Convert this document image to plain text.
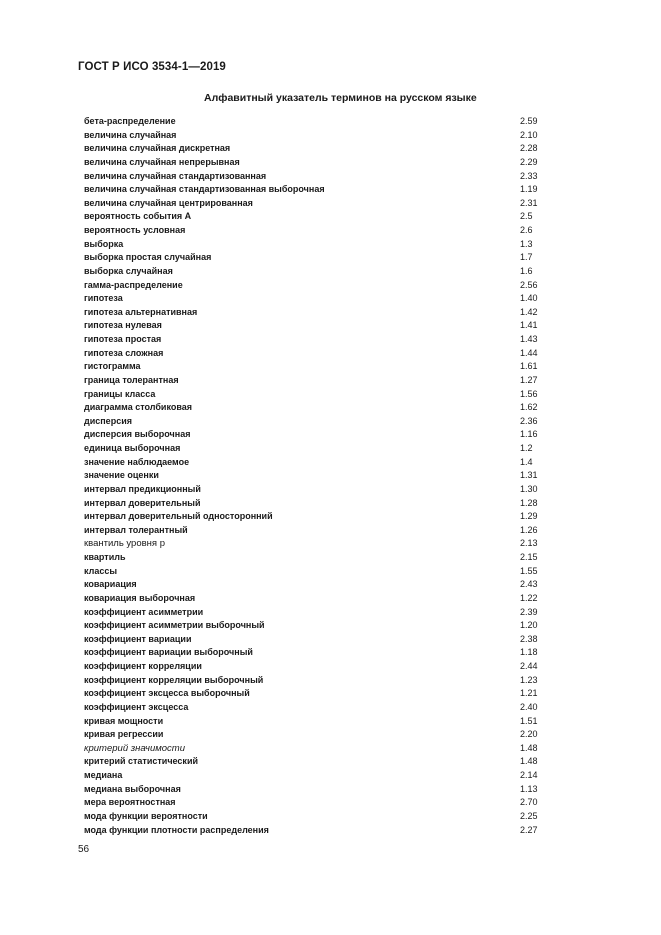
ГОСТ Р ИСО 3534-1—2019
Алфавитный указатель терминов на русском языке
бета-распределение	2.59
величина случайная	2.10
величина случайная дискретная	2.28
величина случайная непрерывная	2.29
величина случайная стандартизованная	2.33
величина случайная стандартизованная выборочная	1.19
величина случайная центрированная	2.31
вероятность события А	2.5
вероятность условная	2.6
выборка	1.3
выборка простая случайная	1.7
выборка случайная	1.6
гамма-распределение	2.56
гипотеза	1.40
гипотеза альтернативная	1.42
гипотеза нулевая	1.41
гипотеза простая	1.43
гипотеза сложная	1.44
гистограмма	1.61
граница толерантная	1.27
границы класса	1.56
диаграмма столбиковая	1.62
дисперсия	2.36
дисперсия выборочная	1.16
единица выборочная	1.2
значение наблюдаемое	1.4
значение оценки	1.31
интервал предикционный	1.30
интервал доверительный	1.28
интервал доверительный односторонний	1.29
интервал толерантный	1.26
квантиль уровня p	2.13
квартиль	2.15
классы	1.55
ковариация	2.43
ковариация выборочная	1.22
коэффициент асимметрии	2.39
коэффициент асимметрии выборочный	1.20
коэффициент вариации	2.38
коэффициент вариации выборочный	1.18
коэффициент корреляции	2.44
коэффициент корреляции выборочный	1.23
коэффициент эксцесса выборочный	1.21
коэффициент эксцесса	2.40
кривая мощности	1.51
кривая регрессии	2.20
критерий значимости	1.48
критерий статистический	1.48
медиана	2.14
медиана выборочная	1.13
мера вероятностная	2.70
мода функции вероятности	2.25
мода функции плотности распределения	2.27
56
